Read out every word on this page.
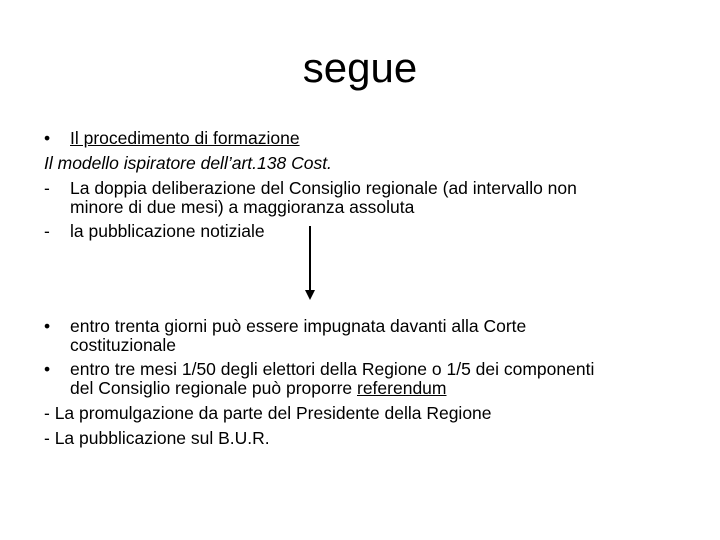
segue
• Il procedimento di formazione
Il modello ispiratore dell’art.138 Cost.
- La doppia deliberazione del Consiglio regionale (ad intervallo non
minore di due mesi) a maggioranza assoluta
- la pubblicazione notiziale
• entro trenta giorni può essere impugnata davanti alla Corte
costituzionale
• entro tre mesi 1/50 degli elettori della Regione o 1/5 dei componenti
del Consiglio regionale può proporre referendum
- La promulgazione da parte del Presidente della Regione
- La pubblicazione sul B.U.R.
